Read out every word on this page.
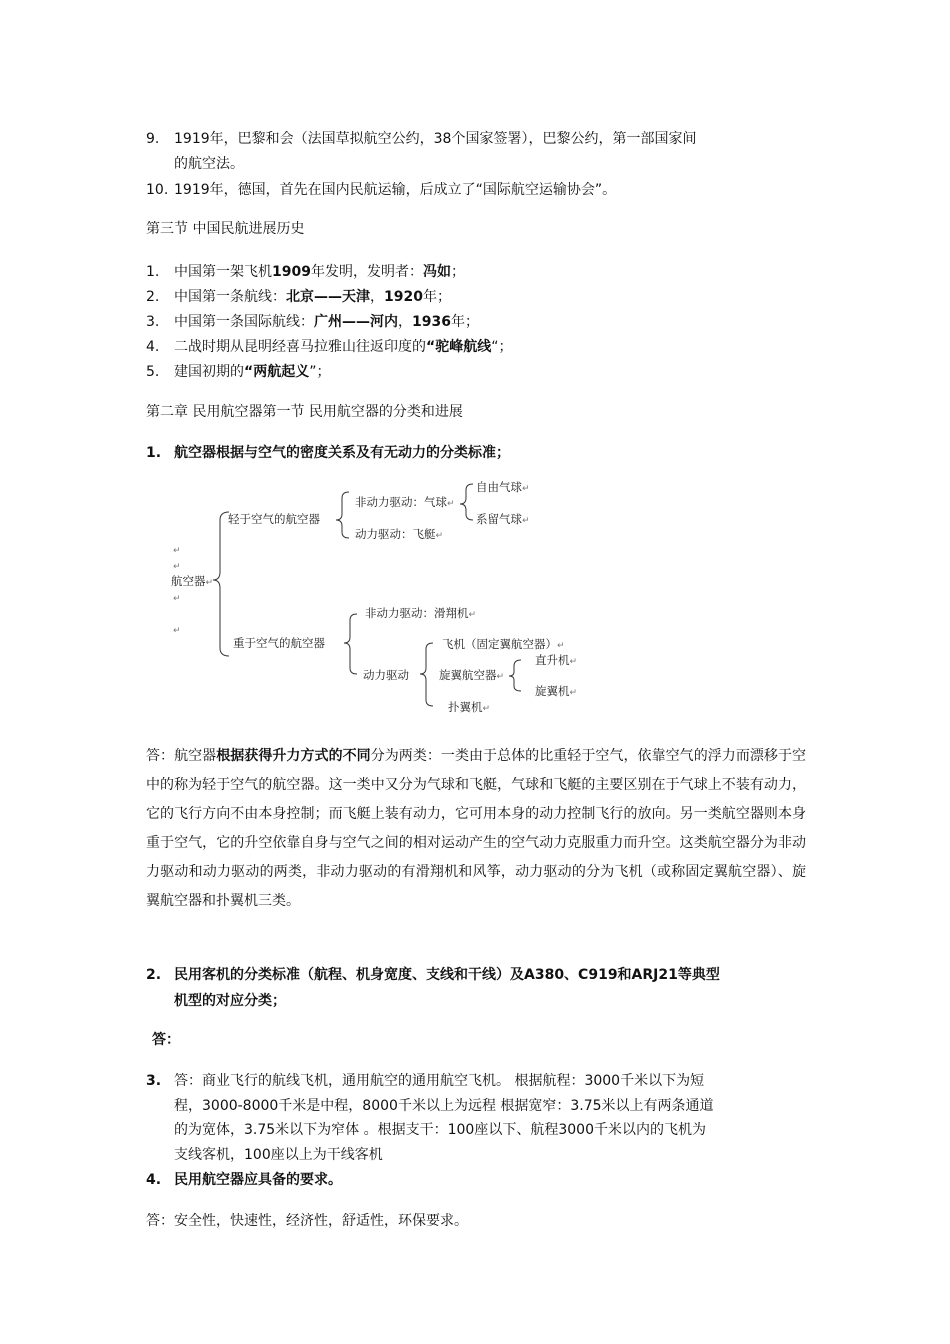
9. 1919年，巴黎和会（法国草拟航空公约，38个国家签署），巴黎公约，第一部国家间
的航空法。
10. 1919年，德国，首先在国内民航运输，后成立了“国际航空运输协会”。
第三节 中国民航进展历史
1. 中国第一架飞机1909年发明，发明者：冯如；
2. 中国第一条航线：北京——天津，1920年；
3. 中国第一条国际航线：广州——河内，1936年；
4. 二战时期从昆明经喜马拉雅山往返印度的“驼峰航线“；
5. 建国初期的“两航起义”；
第二章 民用航空器第一节 民用航空器的分类和进展
1. 航空器根据与空气的密度关系及有无动力的分类标准；
↵
↵
航空器↵
↵
↵
轻于空气的航空器
非动力驱动：气球↵
自由气球↵
系留气球↵
动力驱动：飞艇↵
重于空气的航空器
非动力驱动：滑翔机↵
动力驱动
飞机（固定翼航空器）↵
旋翼航空器↵
直升机↵
旋翼机↵
扑翼机↵
答：航空器根据获得升力方式的不同分为两类：一类由于总体的比重轻于空气，依靠空气的浮力而漂移于空中的称为轻于空气的航空器。这一类中又分为气球和飞艇，气球和飞艇的主要区别在于气球上不装有动力，它的飞行方向不由本身控制；而飞艇上装有动力，它可用本身的动力控制飞行的放向。另一类航空器则本身重于空气，它的升空依靠自身与空气之间的相对运动产生的空气动力克服重力而升空。这类航空器分为非动力驱动和动力驱动的两类，非动力驱动的有滑翔机和风筝，动力驱动的分为飞机（或称固定翼航空器）、旋翼航空器和扑翼机三类。
2. 民用客机的分类标准（航程、机身宽度、支线和干线）及A380、C919和ARJ21等典型
机型的对应分类；
答：
3. 答：商业飞行的航线飞机，通用航空的通用航空飞机。 根据航程：3000千米以下为短
程，3000-8000千米是中程，8000千米以上为远程 根据宽窄：3.75米以上有两条通道
的为宽体，3.75米以下为窄体 。根据支干：100座以下、航程3000千米以内的飞机为
支线客机，100座以上为干线客机
4. 民用航空器应具备的要求。
答：安全性，快速性，经济性，舒适性，环保要求。
